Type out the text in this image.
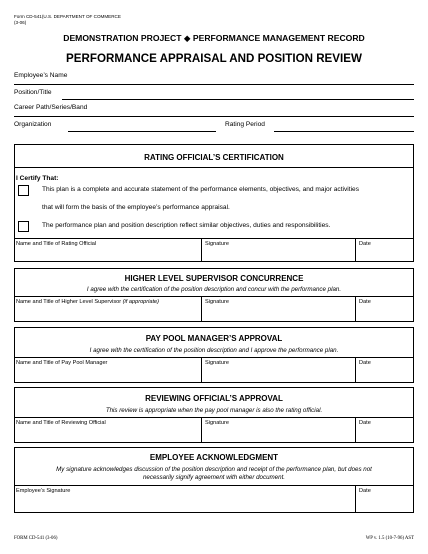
Form CD-541(U.S. DEPARTMENT OF COMMERCE
(3-06)
DEMONSTRATION PROJECT ◆ PERFORMANCE MANAGEMENT RECORD
PERFORMANCE APPRAISAL AND POSITION REVIEW
Employee’s Name
Position/Title
Career Path/Series/Band
Organization	Rating Period
RATING OFFICIAL’S CERTIFICATION
I Certify That:
This plan is a complete and accurate statement of the performance elements, objectives, and major activities
that will form the basis of the employee’s performance appraisal.
The performance plan and position description reflect similar objectives, duties and responsibilities.
Name and Title of Rating Official	Signature	Date
HIGHER LEVEL SUPERVISOR CONCURRENCE
I agree with the certification of the position description and concur with the performance plan.
Name and Title of Higher Level Supervisor (if appropriate)	Signature	Date
PAY POOL MANAGER’S APPROVAL
I agree with the certification of the position description and I approve the performance plan.
Name and Title of Pay Pool Manager	Signature	Date
REVIEWING OFFICIAL’S APPROVAL
This review is appropriate when the pay pool manager is also the rating official.
Name and Title of Reviewing Official	Signature	Date
EMPLOYEE ACKNOWLEDGMENT
My signature acknowledges discussion of the position description and receipt of the performance plan, but does not
necessarily signify agreement with either document.
Employee’s Signature	Date
FORM CD-541 (3-06)	WP v. 1.5 (10-7-96) AST
